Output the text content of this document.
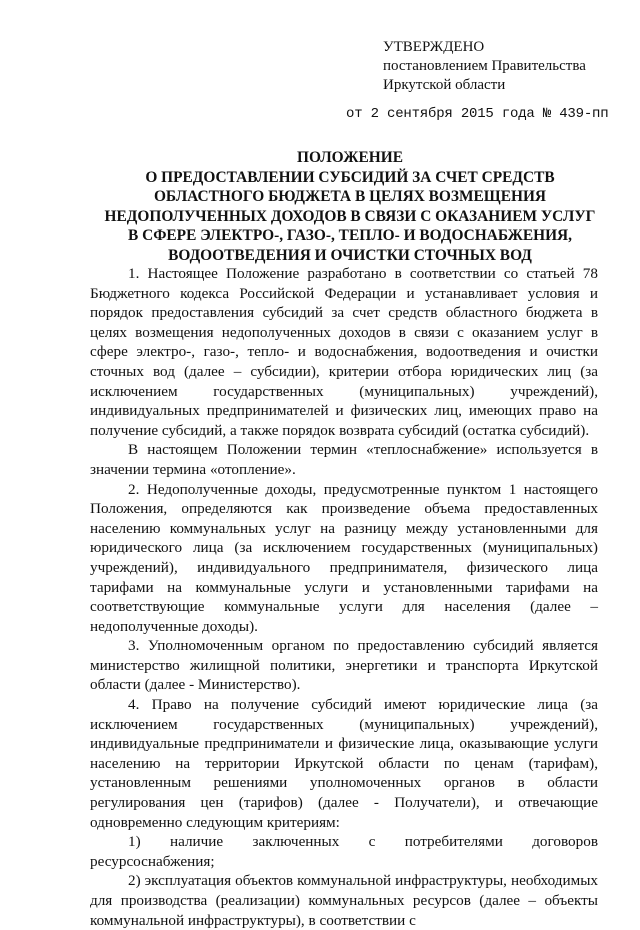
УТВЕРЖДЕНО
постановлением Правительства
Иркутской области
от 2 сентября 2015 года № 439-пп
ПОЛОЖЕНИЕ
О ПРЕДОСТАВЛЕНИИ СУБСИДИЙ ЗА СЧЕТ СРЕДСТВ
ОБЛАСТНОГО БЮДЖЕТА В ЦЕЛЯХ ВОЗМЕЩЕНИЯ
НЕДОПОЛУЧЕННЫХ ДОХОДОВ В СВЯЗИ С ОКАЗАНИЕМ УСЛУГ
В СФЕРЕ ЭЛЕКТРО-, ГАЗО-, ТЕПЛО- И ВОДОСНАБЖЕНИЯ,
ВОДООТВЕДЕНИЯ И ОЧИСТКИ СТОЧНЫХ ВОД

1. Настоящее Положение разработано в соответствии со статьей 78 Бюджетного кодекса Российской Федерации и устанавливает условия и порядок предоставления субсидий за счет средств областного бюджета в целях возмещения недополученных доходов в связи с оказанием услуг в сфере электро-, газо-, тепло- и водоснабжения, водоотведения и очистки сточных вод (далее – субсидии), критерии отбора юридических лиц (за исключением государственных (муниципальных) учреждений), индивидуальных предпринимателей и физических лиц, имеющих право на получение субсидий, а также порядок возврата субсидий (остатка субсидий).

В настоящем Положении термин «теплоснабжение» используется в значении термина «отопление».

2. Недополученные доходы, предусмотренные пунктом 1 настоящего Положения, определяются как произведение объема предоставленных населению коммунальных услуг на разницу между установленными для юридического лица (за исключением государственных (муниципальных) учреждений), индивидуального предпринимателя, физического лица тарифами на коммунальные услуги и установленными тарифами на соответствующие коммунальные услуги для населения (далее – недополученные доходы).

3. Уполномоченным органом по предоставлению субсидий является министерство жилищной политики, энергетики и транспорта Иркутской области (далее - Министерство).

4. Право на получение субсидий имеют юридические лица (за исключением государственных (муниципальных) учреждений), индивидуальные предприниматели и физические лица, оказывающие услуги населению на территории Иркутской области по ценам (тарифам), установленным решениями уполномоченных органов в области регулирования цен (тарифов) (далее - Получатели), и отвечающие одновременно следующим критериям:

1) наличие заключенных с потребителями договоров ресурсоснабжения;

2) эксплуатация объектов коммунальной инфраструктуры, необходимых для производства (реализации) коммунальных ресурсов (далее – объекты коммунальной инфраструктуры), в соответствии с
